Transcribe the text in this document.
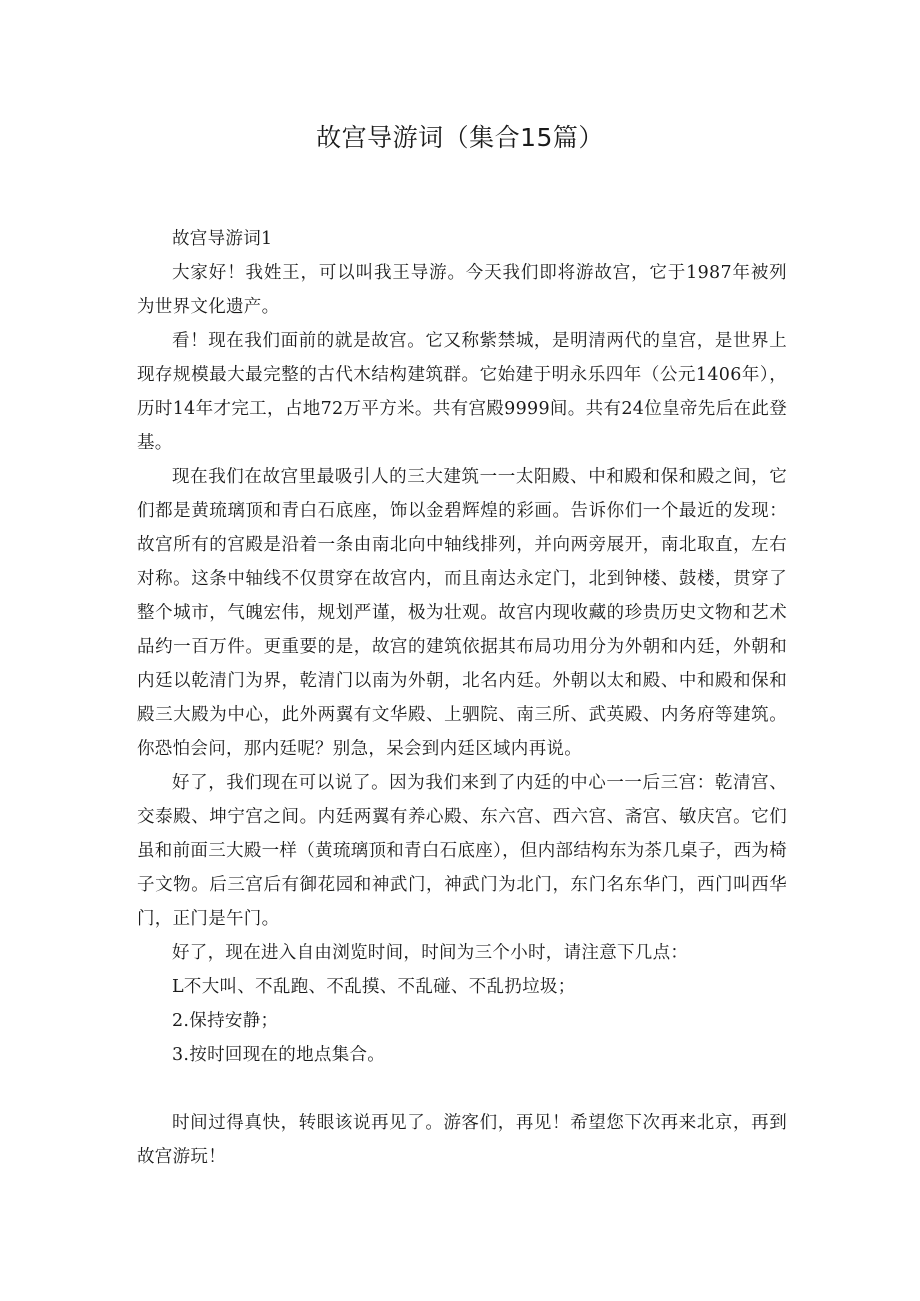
故宫导游词（集合15篇）

故宫导游词1

大家好！我姓王，可以叫我王导游。今天我们即将游故宫，它于1987年被列为世界文化遗产。

看！现在我们面前的就是故宫。它又称紫禁城，是明清两代的皇宫，是世界上现存规模最大最完整的古代木结构建筑群。它始建于明永乐四年（公元1406年），历时14年才完工，占地72万平方米。共有宫殿9999间。共有24位皇帝先后在此登基。

现在我们在故宫里最吸引人的三大建筑一一太阳殿、中和殿和保和殿之间，它们都是黄琉璃顶和青白石底座，饰以金碧辉煌的彩画。告诉你们一个最近的发现：故宫所有的宫殿是沿着一条由南北向中轴线排列，并向两旁展开，南北取直，左右对称。这条中轴线不仅贯穿在故宫内，而且南达永定门，北到钟楼、鼓楼，贯穿了整个城市，气魄宏伟，规划严谨，极为壮观。故宫内现收藏的珍贵历史文物和艺术品约一百万件。更重要的是，故宫的建筑依据其布局功用分为外朝和内廷，外朝和内廷以乾清门为界，乾清门以南为外朝，北名内廷。外朝以太和殿、中和殿和保和殿三大殿为中心，此外两翼有文华殿、上驷院、南三所、武英殿、内务府等建筑。你恐怕会问，那内廷呢？别急，呆会到内廷区域内再说。

好了，我们现在可以说了。因为我们来到了内廷的中心一一后三宫：乾清宫、交泰殿、坤宁宫之间。内廷两翼有养心殿、东六宫、西六宫、斋宫、敏庆宫。它们虽和前面三大殿一样（黄琉璃顶和青白石底座），但内部结构东为茶几桌子，西为椅子文物。后三宫后有御花园和神武门，神武门为北门，东门名东华门，西门叫西华门，正门是午门。

好了，现在进入自由浏览时间，时间为三个小时，请注意下几点：

L不大叫、不乱跑、不乱摸、不乱碰、不乱扔垃圾；

2.保持安静；

3.按时回现在的地点集合。

时间过得真快，转眼该说再见了。游客们，再见！希望您下次再来北京，再到故宫游玩！
